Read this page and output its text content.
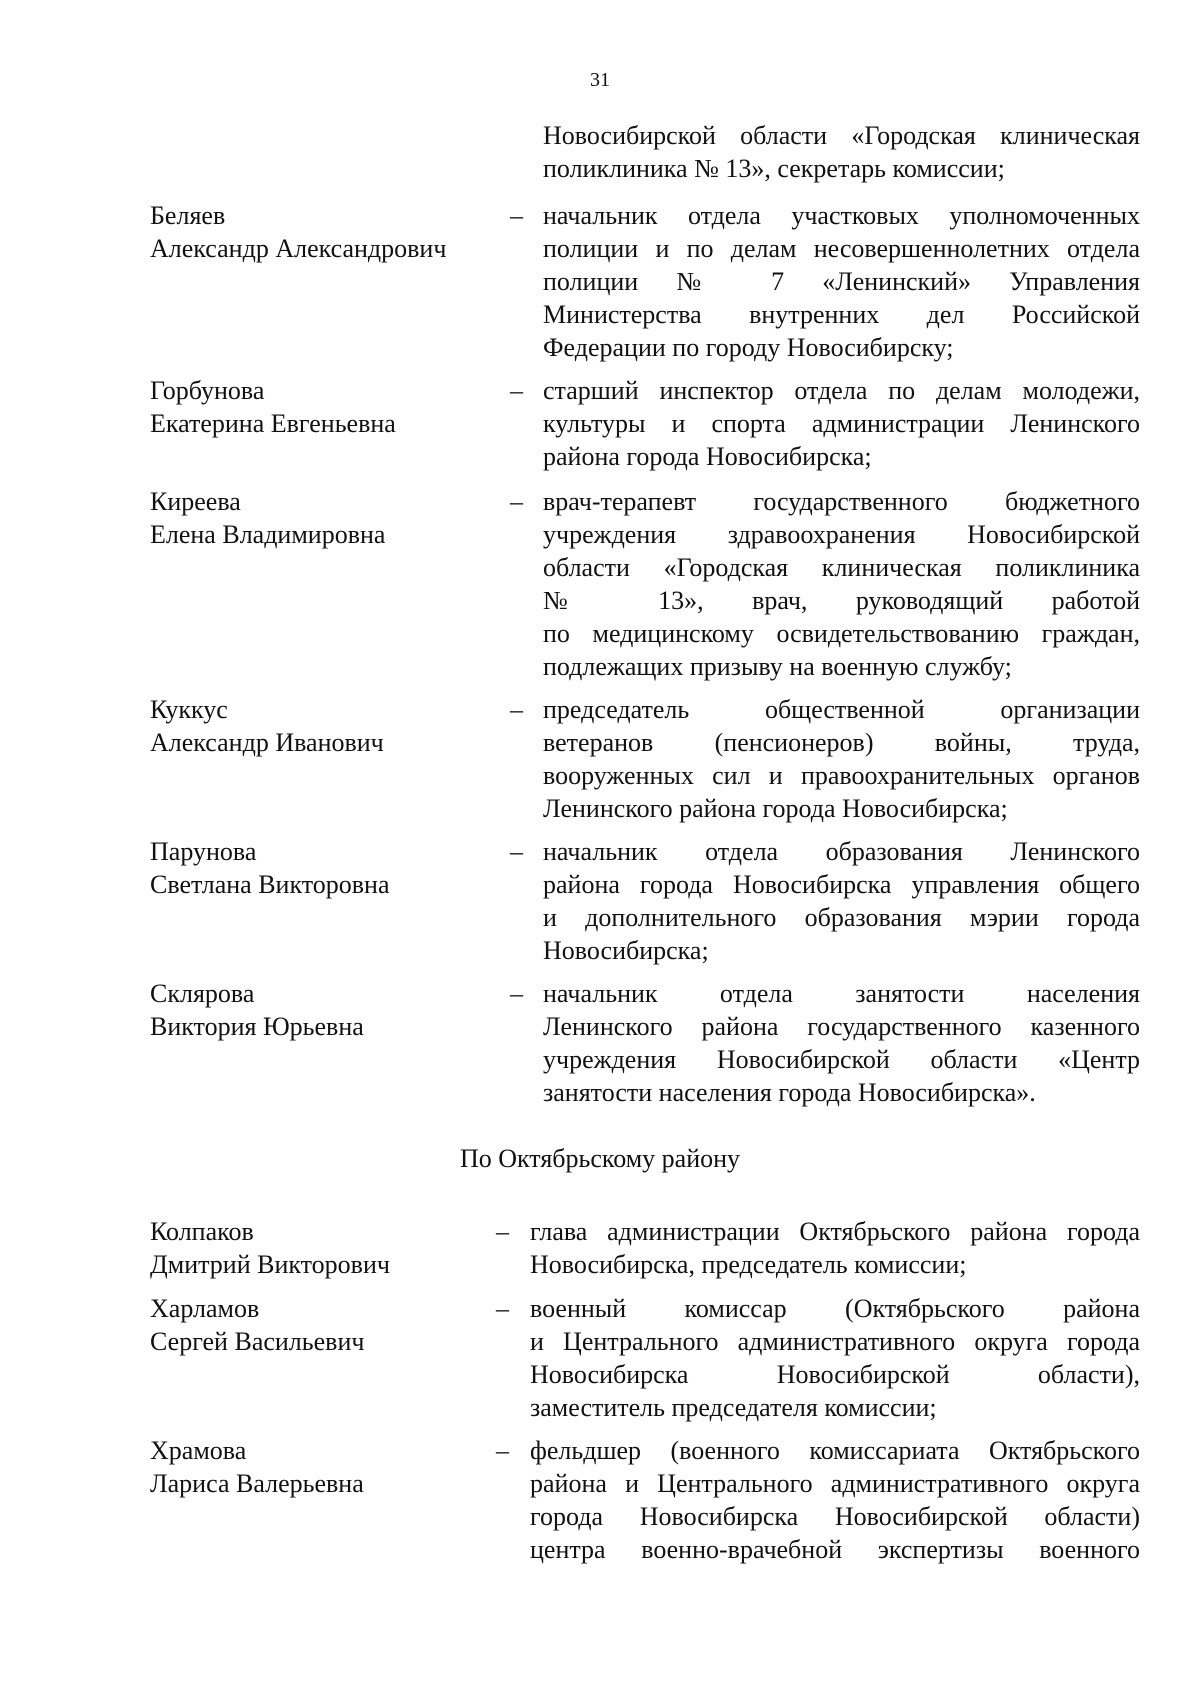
31
Новосибирской области «Городская клиническая
поликлиника № 13», секретарь комиссии;
Беляев
Александр Александрович
– начальник отдела участковых уполномоченных
полиции и по делам несовершеннолетних отдела
полиции № 7 «Ленинский» Управления
Министерства внутренних дел Российской
Федерации по городу Новосибирску;
Горбунова
Екатерина Евгеньевна
– старший инспектор отдела по делам молодежи,
культуры и спорта администрации Ленинского
района города Новосибирска;
Киреева
Елена Владимировна
– врач-терапевт государственного бюджетного
учреждения здравоохранения Новосибирской
области «Городская клиническая поликлиника
№ 13», врач, руководящий работой
по медицинскому освидетельствованию граждан,
подлежащих призыву на военную службу;
Куккус
Александр Иванович
– председатель общественной организации
ветеранов (пенсионеров) войны, труда,
вооруженных сил и правоохранительных органов
Ленинского района города Новосибирска;
Парунова
Светлана Викторовна
– начальник отдела образования Ленинского
района города Новосибирска управления общего
и дополнительного образования мэрии города
Новосибирска;
Склярова
Виктория Юрьевна
– начальник отдела занятости населения
Ленинского района государственного казенного
учреждения Новосибирской области «Центр
занятости населения города Новосибирска».
По Октябрьскому району
Колпаков
Дмитрий Викторович
– глава администрации Октябрьского района города
Новосибирска, председатель комиссии;
Харламов
Сергей Васильевич
– военный комиссар (Октябрьского района
и Центрального административного округа города
Новосибирска Новосибирской области),
заместитель председателя комиссии;
Храмова
Лариса Валерьевна
– фельдшер (военного комиссариата Октябрьского
района и Центрального административного округа
города Новосибирска Новосибирской области)
центра военно-врачебной экспертизы военного
